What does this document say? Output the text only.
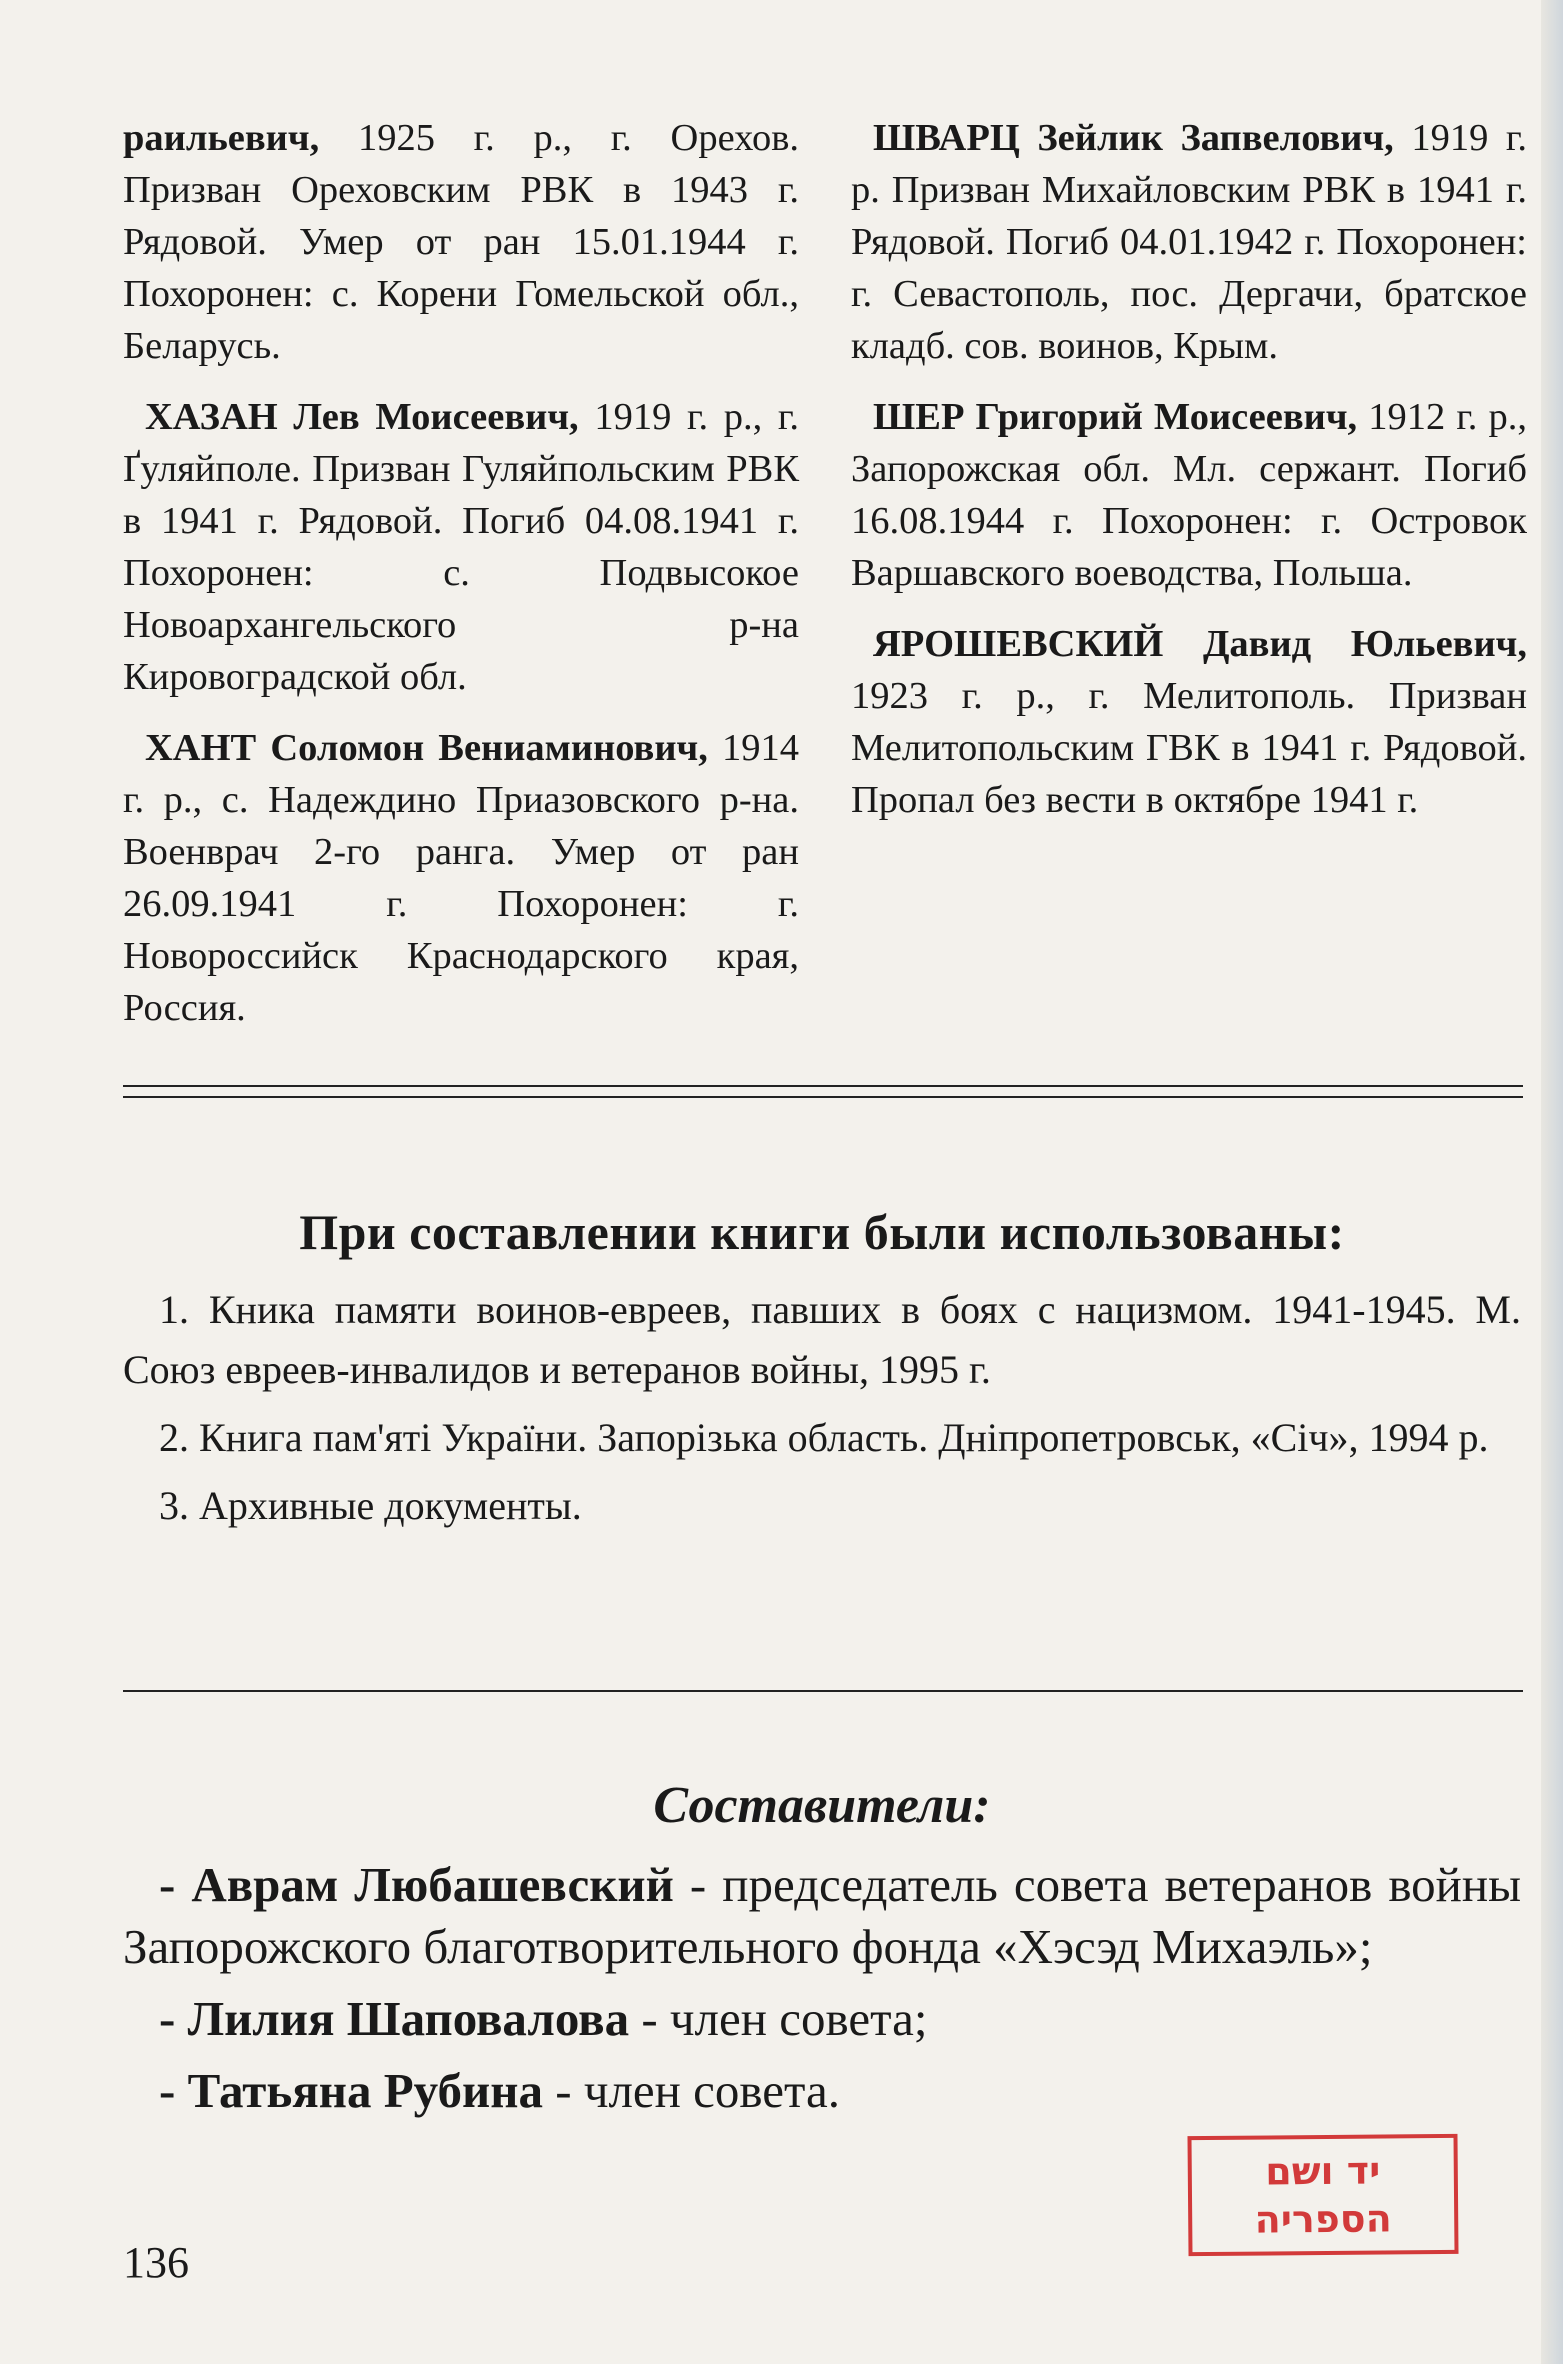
раильевич, 1925 г. р., г. Орехов. Призван Ореховским РВК в 1943 г. Рядовой. Умер от ран 15.01.1944 г. Похоронен: с. Корени Гомельской обл., Беларусь.

ХАЗАН Лев Моисеевич, 1919 г. р., г. Ґуляйполе. Призван Гуляйпольским РВК в 1941 г. Рядовой. Погиб 04.08.1941 г. Похоронен: с. Подвысокое Новоархангельского р-на Кировоградской обл.

ХАНТ Соломон Вениаминович, 1914 г. р., с. Надеждино Приазовского р-на. Военврач 2-го ранга. Умер от ран 26.09.1941 г. Похоронен: г. Новороссийск Краснодарского края, Россия.

ШВАРЦ Зейлик Запвелович, 1919 г. р. Призван Михайловским РВК в 1941 г. Рядовой. Погиб 04.01.1942 г. Похоронен: г. Севастополь, пос. Дергачи, братское кладб. сов. воинов, Крым.

ШЕР Григорий Моисеевич, 1912 г. р., Запорожская обл. Мл. сержант. Погиб 16.08.1944 г. Похоронен: г. Островок Варшавского воеводства, Польша.

ЯРОШЕВСКИЙ Давид Юльевич, 1923 г. р., г. Мелитополь. Призван Мелитопольским ГВК в 1941 г. Рядовой. Пропал без вести в октябре 1941 г.

При составлении книги были использованы:

1. Кника памяти воинов-евреев, павших в боях с нацизмом. 1941-1945. М. Союз евреев-инвалидов и ветеранов войны, 1995 г.

2. Книга пам'яті України. Запорізька область. Дніпропетровськ, «Січ», 1994 р.

3. Архивные документы.

Составители:

- Аврам Любашевский - председатель совета ветеранов войны Запорожского благотворительного фонда «Хэсэд Михаэль»;

- Лилия Шаповалова - член совета;

- Татьяна Рубина - член совета.

136
יד ושם
הספריה
